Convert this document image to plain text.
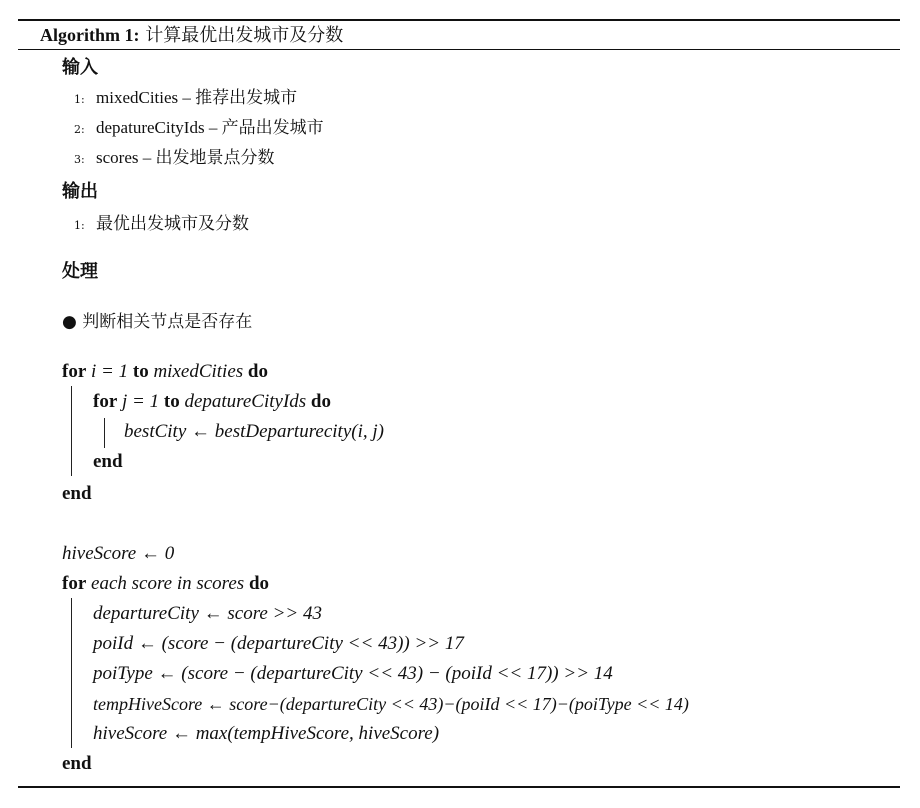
Algorithm 1: 计算最优出发城市及分数
输入
1: mixedCities – 推荐出发城市
2: depatureCityIds – 产品出发城市
3: scores – 出发地景点分数
输出
1: 最优出发城市及分数
处理
● 判断相关节点是否存在
for i = 1 to mixedCities do
for j = 1 to depatureCityIds do
bestCity ← bestDeparturecity(i, j)
end
end
hiveScore ← 0
for each score in scores do
departureCity ← score >> 43
poiId ← (score − (departureCity << 43)) >> 17
poiType ← (score − (departureCity << 43) − (poiId << 17)) >> 14
tempHiveScore ← score−(departureCity << 43)−(poiId << 17)−(poiType << 14)
hiveScore ← max(tempHiveScore, hiveScore)
end
